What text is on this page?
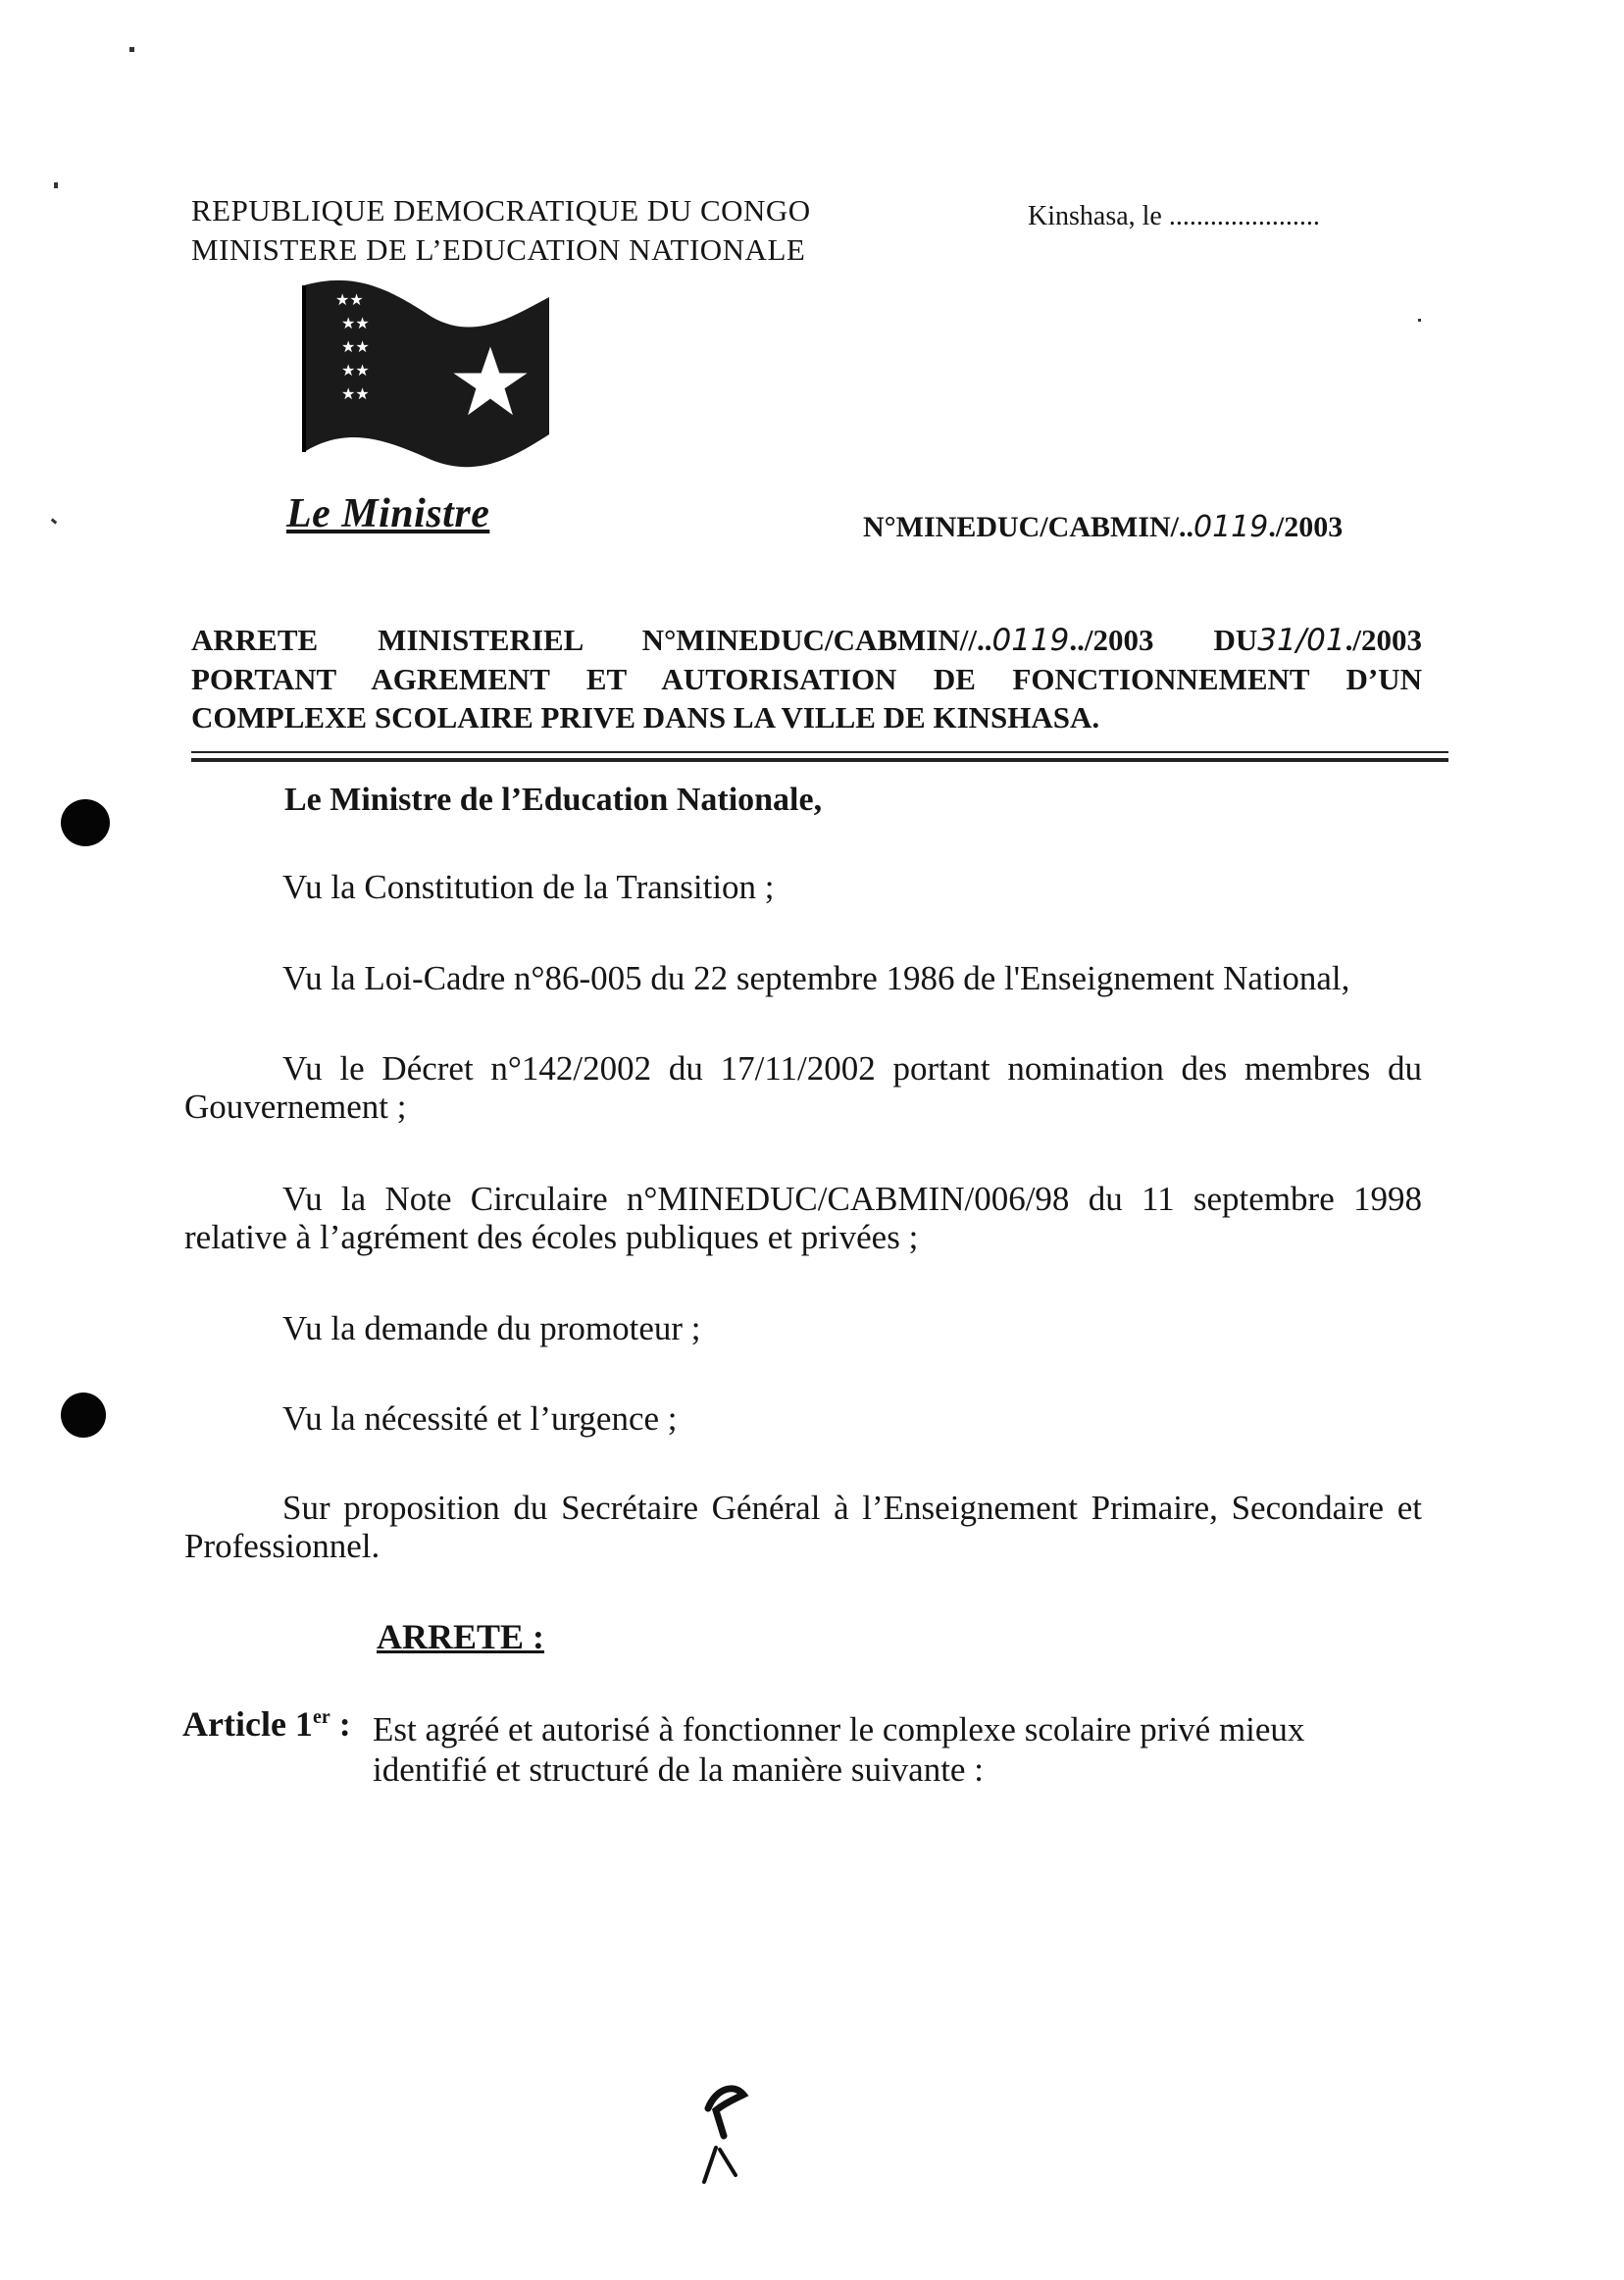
REPUBLIQUE DEMOCRATIQUE DU CONGO
MINISTERE DE L’EDUCATION NATIONALE
Kinshasa, le ......................
★★
★★
★★
★★
★★
Le Ministre	N°MINEDUC/CABMIN/..0119./2003
ARRETE MINISTERIEL N°MINEDUC/CABMIN//..0119../2003 DU31/01./2003
PORTANT AGREMENT ET AUTORISATION DE FONCTIONNEMENT D’UN
COMPLEXE SCOLAIRE PRIVE DANS LA VILLE DE KINSHASA.
Le Ministre de l’Education Nationale,
Vu la Constitution de la Transition ;
Vu la Loi-Cadre n°86-005 du 22 septembre 1986 de l'Enseignement National,
Vu le Décret n°142/2002 du 17/11/2002 portant nomination des membres du Gouvernement ;
Vu la Note Circulaire n°MINEDUC/CABMIN/006/98 du 11 septembre 1998 relative à l’agrément des écoles publiques et privées ;
Vu la demande du promoteur ;
Vu la nécessité et l’urgence ;
Sur proposition du Secrétaire Général à l’Enseignement Primaire, Secondaire et Professionnel.
ARRETE :
Article 1er : Est agréé et autorisé à fonctionner le complexe scolaire privé mieux identifié et structuré de la manière suivante :
